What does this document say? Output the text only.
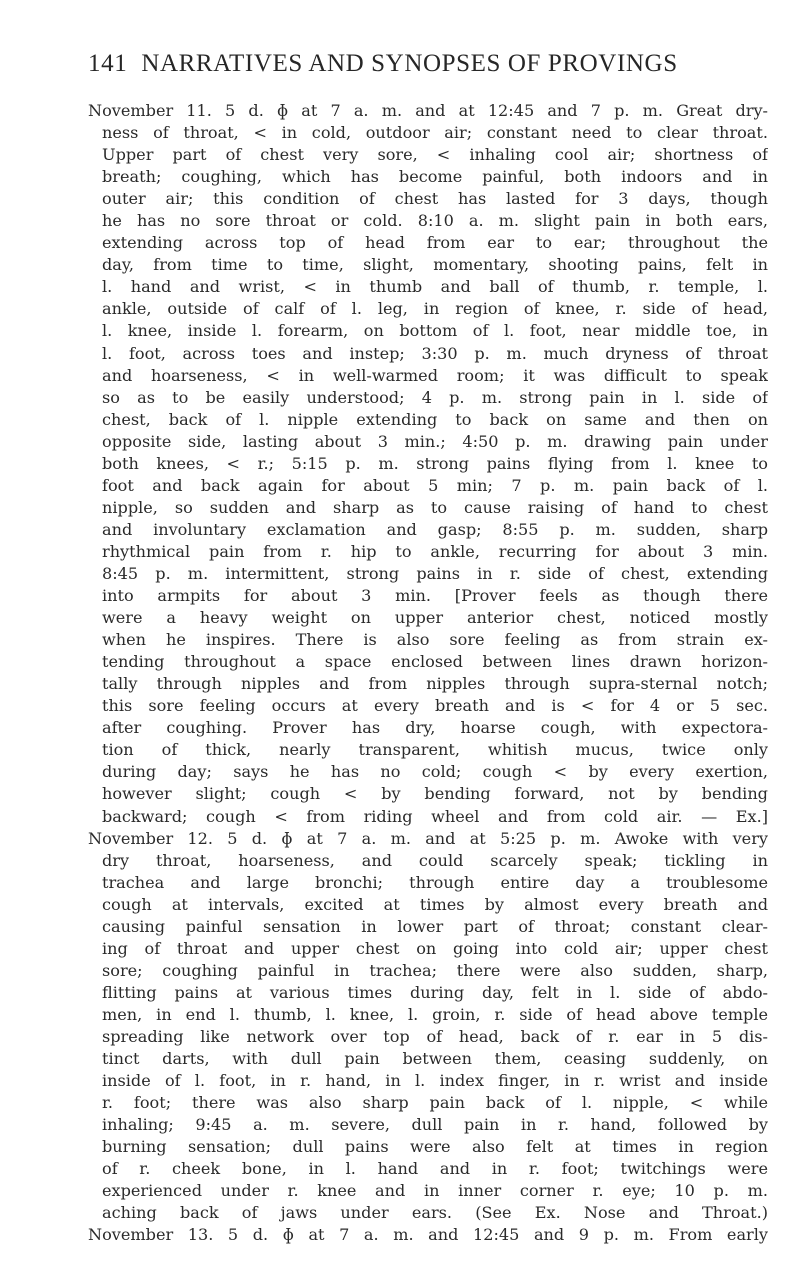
141 NARRATIVES AND SYNOPSES OF PROVINGS
November 11. 5 d. ɸ at 7 a. m. and at 12:45 and 7 p. m. Great dry-
ness of throat, < in cold, outdoor air; constant need to clear throat.
Upper part of chest very sore, < inhaling cool air; shortness of
breath; coughing, which has become painful, both indoors and in
outer air; this condition of chest has lasted for 3 days, though
he has no sore throat or cold. 8:10 a. m. slight pain in both ears,
extending across top of head from ear to ear; throughout the
day, from time to time, slight, momentary, shooting pains, felt in
l. hand and wrist, < in thumb and ball of thumb, r. temple, l.
ankle, outside of calf of l. leg, in region of knee, r. side of head,
l. knee, inside l. forearm, on bottom of l. foot, near middle toe, in
l. foot, across toes and instep; 3:30 p. m. much dryness of throat
and hoarseness, < in well-warmed room; it was difficult to speak
so as to be easily understood; 4 p. m. strong pain in l. side of
chest, back of l. nipple extending to back on same and then on
opposite side, lasting about 3 min.; 4:50 p. m. drawing pain under
both knees, < r.; 5:15 p. m. strong pains flying from l. knee to
foot and back again for about 5 min; 7 p. m. pain back of l.
nipple, so sudden and sharp as to cause raising of hand to chest
and involuntary exclamation and gasp; 8:55 p. m. sudden, sharp
rhythmical pain from r. hip to ankle, recurring for about 3 min.
8:45 p. m. intermittent, strong pains in r. side of chest, extending
into armpits for about 3 min. [Prover feels as though there
were a heavy weight on upper anterior chest, noticed mostly
when he inspires. There is also sore feeling as from strain ex-
tending throughout a space enclosed between lines drawn horizon-
tally through nipples and from nipples through supra-sternal notch;
this sore feeling occurs at every breath and is < for 4 or 5 sec.
after coughing. Prover has dry, hoarse cough, with expectora-
tion of thick, nearly transparent, whitish mucus, twice only
during day; says he has no cold; cough < by every exertion,
however slight; cough < by bending forward, not by bending
backward; cough < from riding wheel and from cold air. — Ex.]
November 12. 5 d. ɸ at 7 a. m. and at 5:25 p. m. Awoke with very
dry throat, hoarseness, and could scarcely speak; tickling in
trachea and large bronchi; through entire day a troublesome
cough at intervals, excited at times by almost every breath and
causing painful sensation in lower part of throat; constant clear-
ing of throat and upper chest on going into cold air; upper chest
sore; coughing painful in trachea; there were also sudden, sharp,
flitting pains at various times during day, felt in l. side of abdo-
men, in end l. thumb, l. knee, l. groin, r. side of head above temple
spreading like network over top of head, back of r. ear in 5 dis-
tinct darts, with dull pain between them, ceasing suddenly, on
inside of l. foot, in r. hand, in l. index finger, in r. wrist and inside
r. foot; there was also sharp pain back of l. nipple, < while
inhaling; 9:45 a. m. severe, dull pain in r. hand, followed by
burning sensation; dull pains were also felt at times in region
of r. cheek bone, in l. hand and in r. foot; twitchings were
experienced under r. knee and in inner corner r. eye; 10 p. m.
aching back of jaws under ears. (See Ex. Nose and Throat.)
November 13. 5 d. ɸ at 7 a. m. and 12:45 and 9 p. m. From early
